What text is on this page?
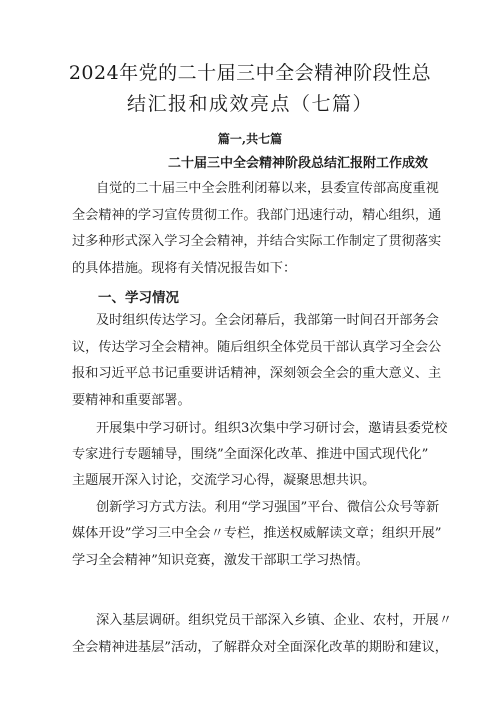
2024年党的二十届三中全会精神阶段性总
结汇报和成效亮点（七篇）
篇一,共七篇
二十届三中全会精神阶段总结汇报附工作成效
自觉的二十届三中全会胜利闭幕以来，县委宣传部高度重视
全会精神的学习宣传贯彻工作。我部门迅速行动，精心组织，通
过多种形式深入学习全会精神，并结合实际工作制定了贯彻落实
的具体措施。现将有关情况报告如下：
一、学习情况
及时组织传达学习。全会闭幕后，我部第一时间召开部务会
议，传达学习全会精神。随后组织全体党员干部认真学习全会公
报和习近平总书记重要讲话精神，深刻领会全会的重大意义、主
要精神和重要部署。
开展集中学习研讨。组织3次集中学习研讨会，邀请县委党校
专家进行专题辅导，围绕”全面深化改革、推进中国式现代化”
主题展开深入讨论，交流学习心得，凝聚思想共识。
创新学习方式方法。利用“学习强国”平台、微信公众号等新
媒体开设”学习三中全会〃专栏，推送权威解读文章；组织开展”
学习全会精神”知识竞赛，激发干部职工学习热情。
深入基层调研。组织党员干部深入乡镇、企业、农村，开展〃
全会精神进基层”活动，了解群众对全面深化改革的期盼和建议，
